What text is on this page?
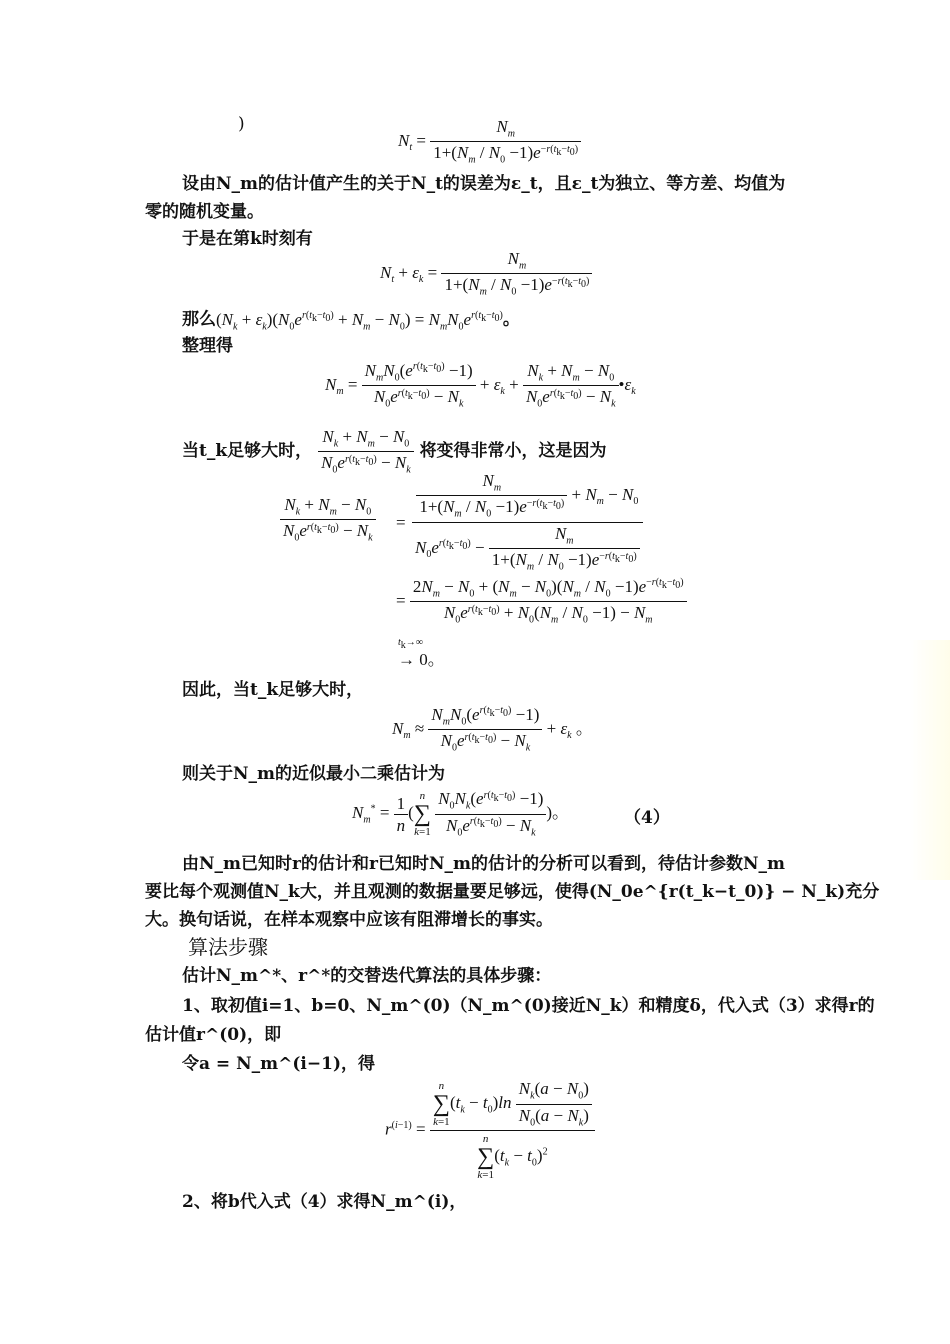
)
$N_t = \frac{N_m}{1+(N_m / N_0 -1)e^{-r(t_k-t_0)}}$
设由N_m的估计值产生的关于N_t的误差为ε_t，且ε_t为独立、等方差、均值为
零的随机变量。
于是在第k时刻有
$N_t + \varepsilon_k = \frac{N_m}{1+(N_m / N_0 -1)e^{-r(t_k-t_0)}}$
那么$(N_k + \varepsilon_k)(N_0e^{r(t_k-t_0)} + N_m - N_0) = N_mN_0e^{r(t_k-t_0)}$。
整理得
$N_m = \frac{N_mN_0(e^{r(t_k-t_0)} -1)}{N_0e^{r(t_k-t_0)} - N_k} + \varepsilon_k + \frac{N_k + N_m - N_0}{N_0e^{r(t_k-t_0)} - N_k}$ $•\varepsilon_k$
当t_k足够大时， $\frac{N_k + N_m - N_0}{N_0e^{r(t_k-t_0)} - N_k}$ 将变得非常小，这是因为
$\frac{N_k + N_m - N_0}{N_0e^{r(t_k-t_0)} - N_k} = \frac{\frac{N_m}{1+(N_m / N_0 -1)e^{-r(t_k-t_0)}} + N_m - N_0}{N_0e^{r(t_k-t_0)} - \frac{N_m}{1+(N_m / N_0 -1)e^{-r(t_k-t_0)}}}$
= $\frac{2N_m - N_0 + (N_m - N_0)(N_m / N_0 -1)e^{-r(t_k-t_0)}}{N_0e^{r(t_k-t_0)} + N_0(N_m / N_0 -1) - N_m}$
$t_k\to\infty$
→ 0。
因此，当t_k足够大时，
$N_m \approx \frac{N_mN_0(e^{r(t_k-t_0)} -1)}{N_0e^{r(t_k-t_0)} - N_k} + \varepsilon_k$ 。
则关于N_m的近似最小二乘估计为
$N_m^* = \frac{1}{n} (n$
∑
$k=1 \frac{N_0N_k(e^{r(t_k-t_0)} -1)}{N_0e^{r(t_k-t_0)} - N_k}$ )。	（4）
由N_m已知时r的估计和r已知时N_m的估计的分析可以看到，待估计参数N_m
要比每个观测值N_k大，并且观测的数据量要足够远，使得(N_0e^{r(t_k−t_0)} − N_k)充分
大。换句话说，在样本观察中应该有阻滞增长的事实。
算法步骤
估计N_m^*、r^*的交替迭代算法的具体步骤：
1、取初值i=1、b=0、N_m^(0)（N_m^(0)接近N_k）和精度δ，代入式（3）求得r的
估计值r^(0)，即
令a = N_m^(i−1)，得
$r^{(i-1)} = n$
∑
$k=1(t_k - t_0)\ln \frac{N_k(a - N_0)}{N_0(a - N_k)}$
n
∑
$k=1(t_k - t_0)^2$
2、将b代入式（4）求得N_m^(i)，
